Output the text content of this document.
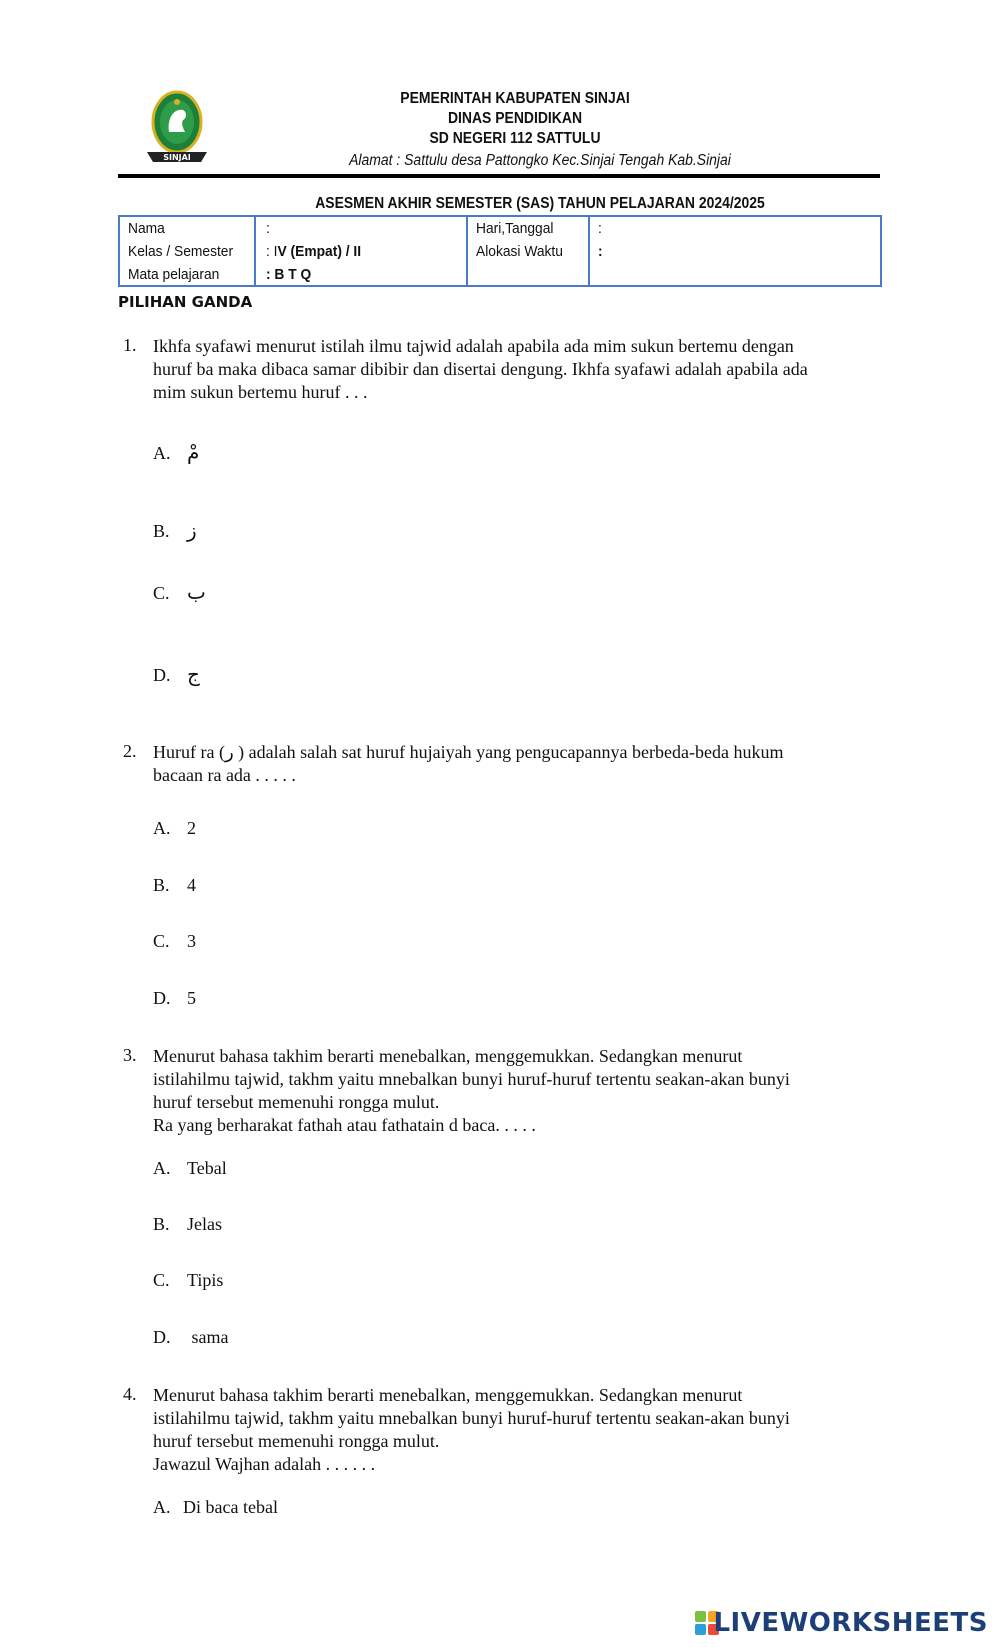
SINJAI
PEMERINTAH KABUPATEN SINJAI
DINAS PENDIDIKAN
SD NEGERI 112 SATTULU
Alamat : Sattulu desa Pattongko Kec.Sinjai Tengah Kab.Sinjai
ASESMEN AKHIR SEMESTER (SAS) TAHUN PELAJARAN 2024/2025
Nama	:	Hari,Tanggal	:
Kelas / Semester : IV (Empat) / II	Alokasi Waktu :
Mata pelajaran	: B T Q
PILIHAN GANDA
1. Ikhfa syafawi menurut istilah ilmu tajwid adalah apabila ada mim sukun bertemu dengan
huruf ba maka dibaca samar dibibir dan disertai dengung. Ikhfa syafawi adalah apabila ada
mim sukun bertemu huruf . . .
A. مْ
B. ز
C. ب
D. ج
2. Huruf ra (ر ) adalah salah sat huruf hujaiyah yang pengucapannya berbeda-beda hukum
bacaan ra ada . . . . .
A. 2
B. 4
C. 3
D. 5
3. Menurut bahasa takhim berarti menebalkan, menggemukkan. Sedangkan menurut
istilahilmu tajwid, takhm yaitu mnebalkan bunyi huruf-huruf tertentu seakan-akan bunyi
huruf tersebut memenuhi rongga mulut.
Ra yang berharakat fathah atau fathatain d baca. . . . .
A. Tebal
B. Jelas
C. Tipis
D. sama
4. Menurut bahasa takhim berarti menebalkan, menggemukkan. Sedangkan menurut
istilahilmu tajwid, takhm yaitu mnebalkan bunyi huruf-huruf tertentu seakan-akan bunyi
huruf tersebut memenuhi rongga mulut.
Jawazul Wajhan adalah . . . . . .
A. Di baca tebal
LIVEWORKSHEETS
